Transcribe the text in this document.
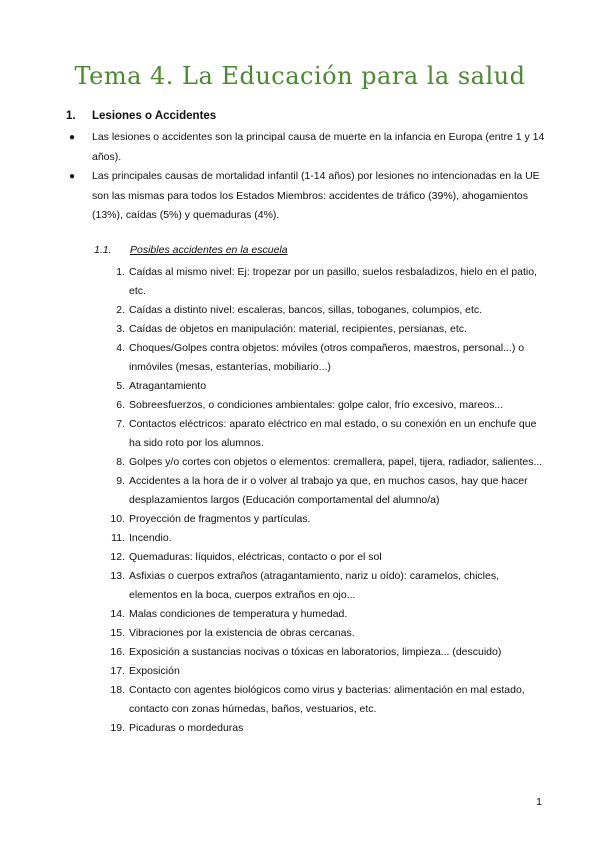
Tema 4. La Educación para la salud
1. Lesiones o Accidentes
● Las lesiones o accidentes son la principal causa de muerte en la infancia en Europa (entre 1 y 14 años).
● Las principales causas de mortalidad infantil (1-14 años) por lesiones no intencionadas en la UE son las mismas para todos los Estados Miembros: accidentes de tráfico (39%), ahogamientos (13%), caídas (5%) y quemaduras (4%).
1.1. Posibles accidentes en la escuela
1. Caídas al mismo nivel: Ej: tropezar por un pasillo, suelos resbaladizos, hielo en el patio, etc.
2. Caídas a distinto nivel: escaleras, bancos, sillas, toboganes, columpios, etc.
3. Caídas de objetos en manipulación: material, recipientes, persianas, etc.
4. Choques/Golpes contra objetos: móviles (otros compañeros, maestros, personal...) o inmóviles (mesas, estanterías, mobiliario...)
5. Atragantamiento
6. Sobreesfuerzos, o condiciones ambientales: golpe calor, frío excesivo, mareos...
7. Contactos eléctricos: aparato eléctrico en mal estado, o su conexión en un enchufe que ha sido roto por los alumnos.
8. Golpes y/o cortes con objetos o elementos: cremallera, papel, tijera, radiador, salientes...
9. Accidentes a la hora de ir o volver al trabajo ya que, en muchos casos, hay que hacer desplazamientos largos (Educación comportamental del alumno/a)
10. Proyección de fragmentos y partículas.
11. Incendio.
12. Quemaduras: líquidos, eléctricas, contacto o por el sol
13. Asfixias o cuerpos extraños (atragantamiento, nariz u oído): caramelos, chicles, elementos en la boca, cuerpos extraños en ojo...
14. Malas condiciones de temperatura y humedad.
15. Vibraciones por la existencia de obras cercanas.
16. Exposición a sustancias nocivas o tóxicas en laboratorios, limpieza... (descuido)
17. Exposición
18. Contacto con agentes biológicos como virus y bacterias: alimentación en mal estado, contacto con zonas húmedas, baños, vestuarios, etc.
19. Picaduras o mordeduras
1
